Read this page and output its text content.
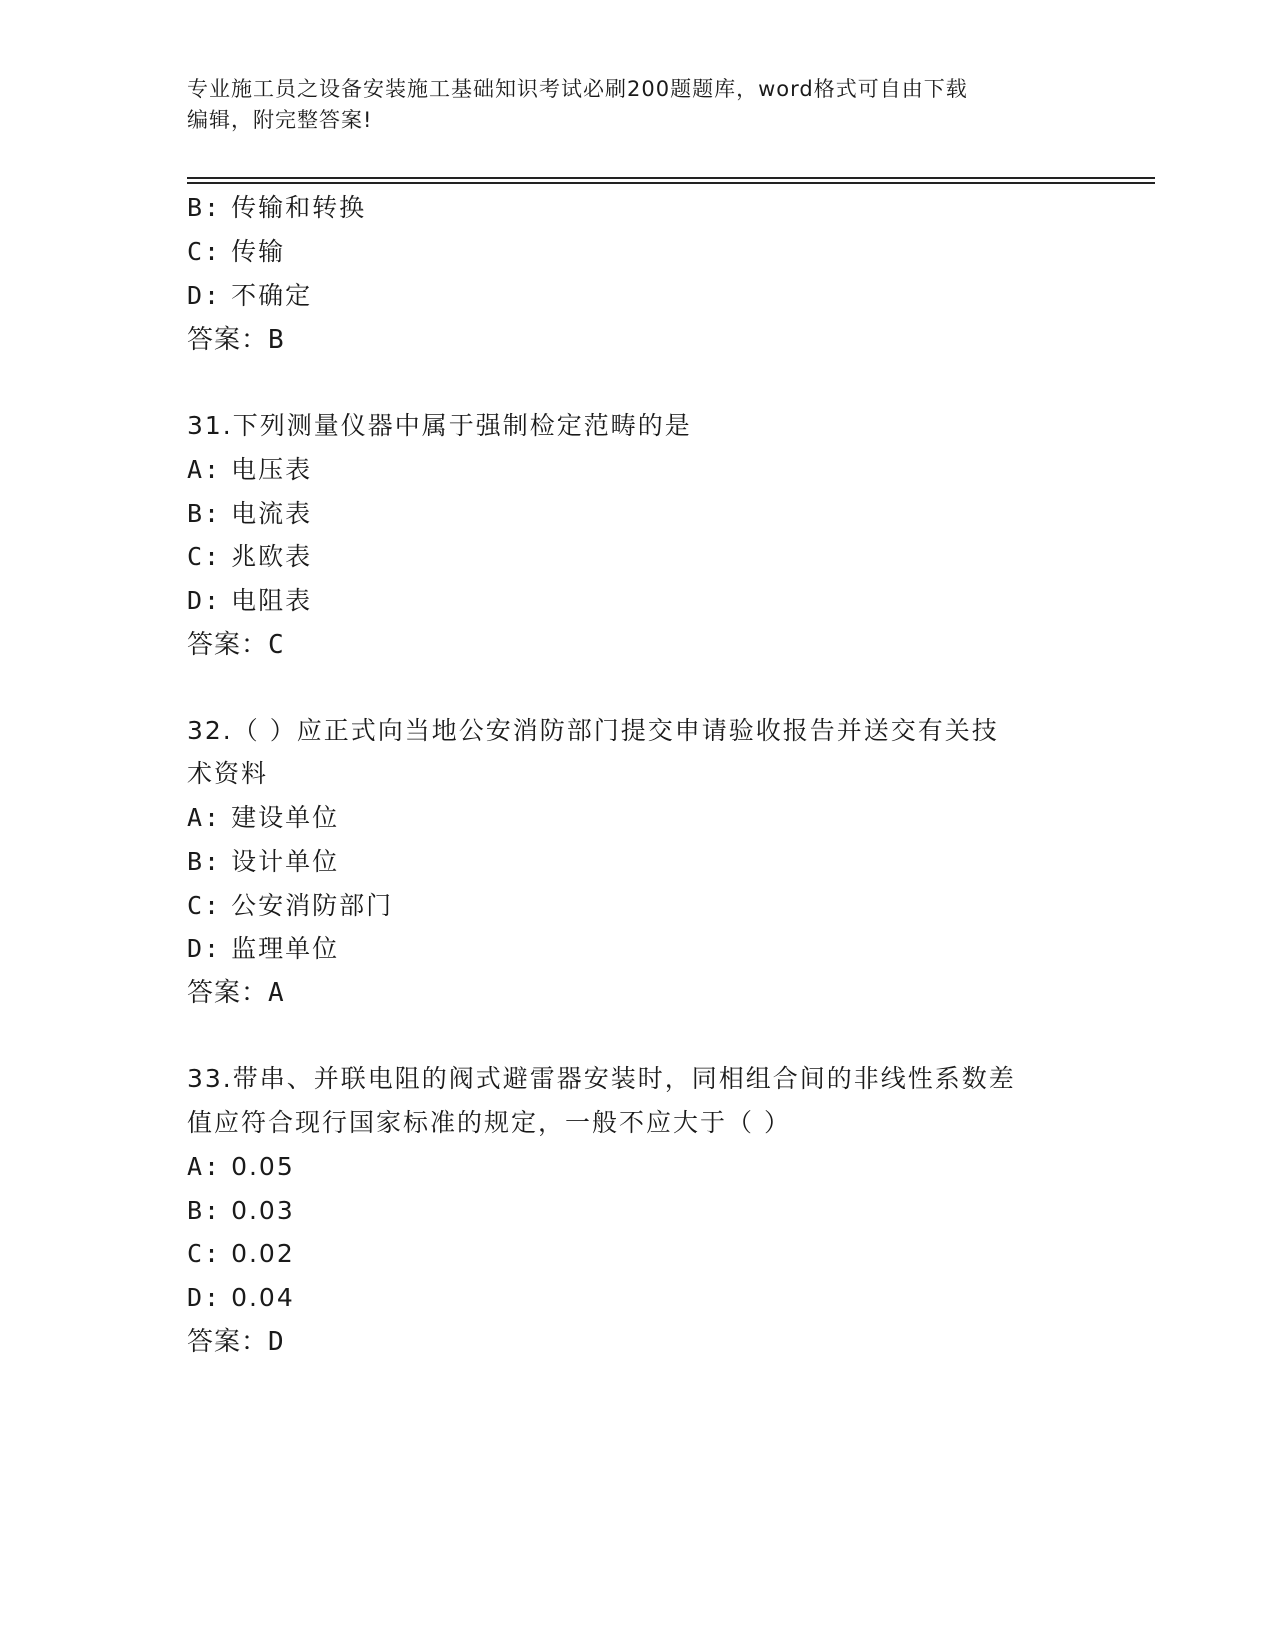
专业施工员之设备安装施工基础知识考试必刷200题题库，word格式可自由下载
编辑，附完整答案!
B: 传输和转换
C: 传输
D: 不确定
答案：B
31.下列测量仪器中属于强制检定范畴的是
A: 电压表
B: 电流表
C: 兆欧表
D: 电阻表
答案：C
32.（ ）应正式向当地公安消防部门提交申请验收报告并送交有关技
术资料
A: 建设单位
B: 设计单位
C: 公安消防部门
D: 监理单位
答案：A
33.带串、并联电阻的阀式避雷器安装时，同相组合间的非线性系数差
值应符合现行国家标准的规定，一般不应大于（ ）
A: 0.05
B: 0.03
C: 0.02
D: 0.04
答案：D
